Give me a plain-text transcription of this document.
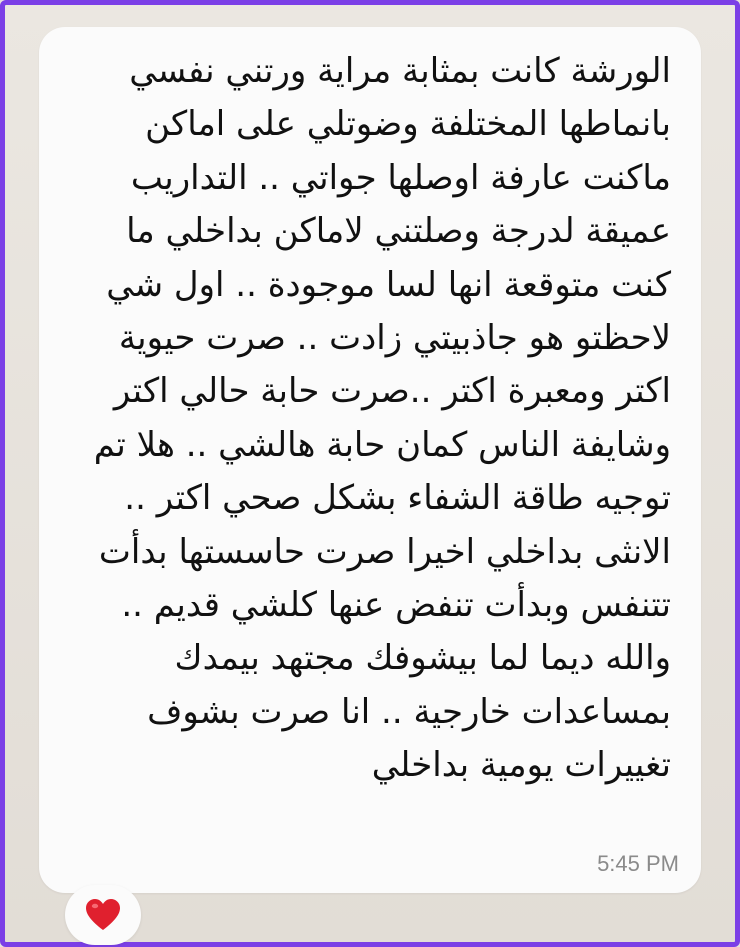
الورشة كانت بمثابة مراية ورتني نفسي
بانماطها المختلفة وضوتلي على اماكن
ماكنت عارفة اوصلها جواتي .. التداريب
عميقة لدرجة وصلتني لاماكن بداخلي ما
كنت متوقعة انها لسا موجودة .. اول شي
لاحظتو هو جاذبيتي زادت .. صرت حيوية
اكتر ومعبرة اكتر ..صرت حابة حالي اكتر
وشايفة الناس كمان حابة هالشي .. هلا تم
توجيه طاقة الشفاء بشكل صحي اكتر ..
الانثى بداخلي اخيرا صرت حاسستها بدأت
تتنفس وبدأت تنفض عنها كلشي قديم ..
والله ديما لما بيشوفك مجتهد بيمدك
بمساعدات خارجية .. انا صرت بشوف
تغييرات يومية بداخلي

5:45 PM
